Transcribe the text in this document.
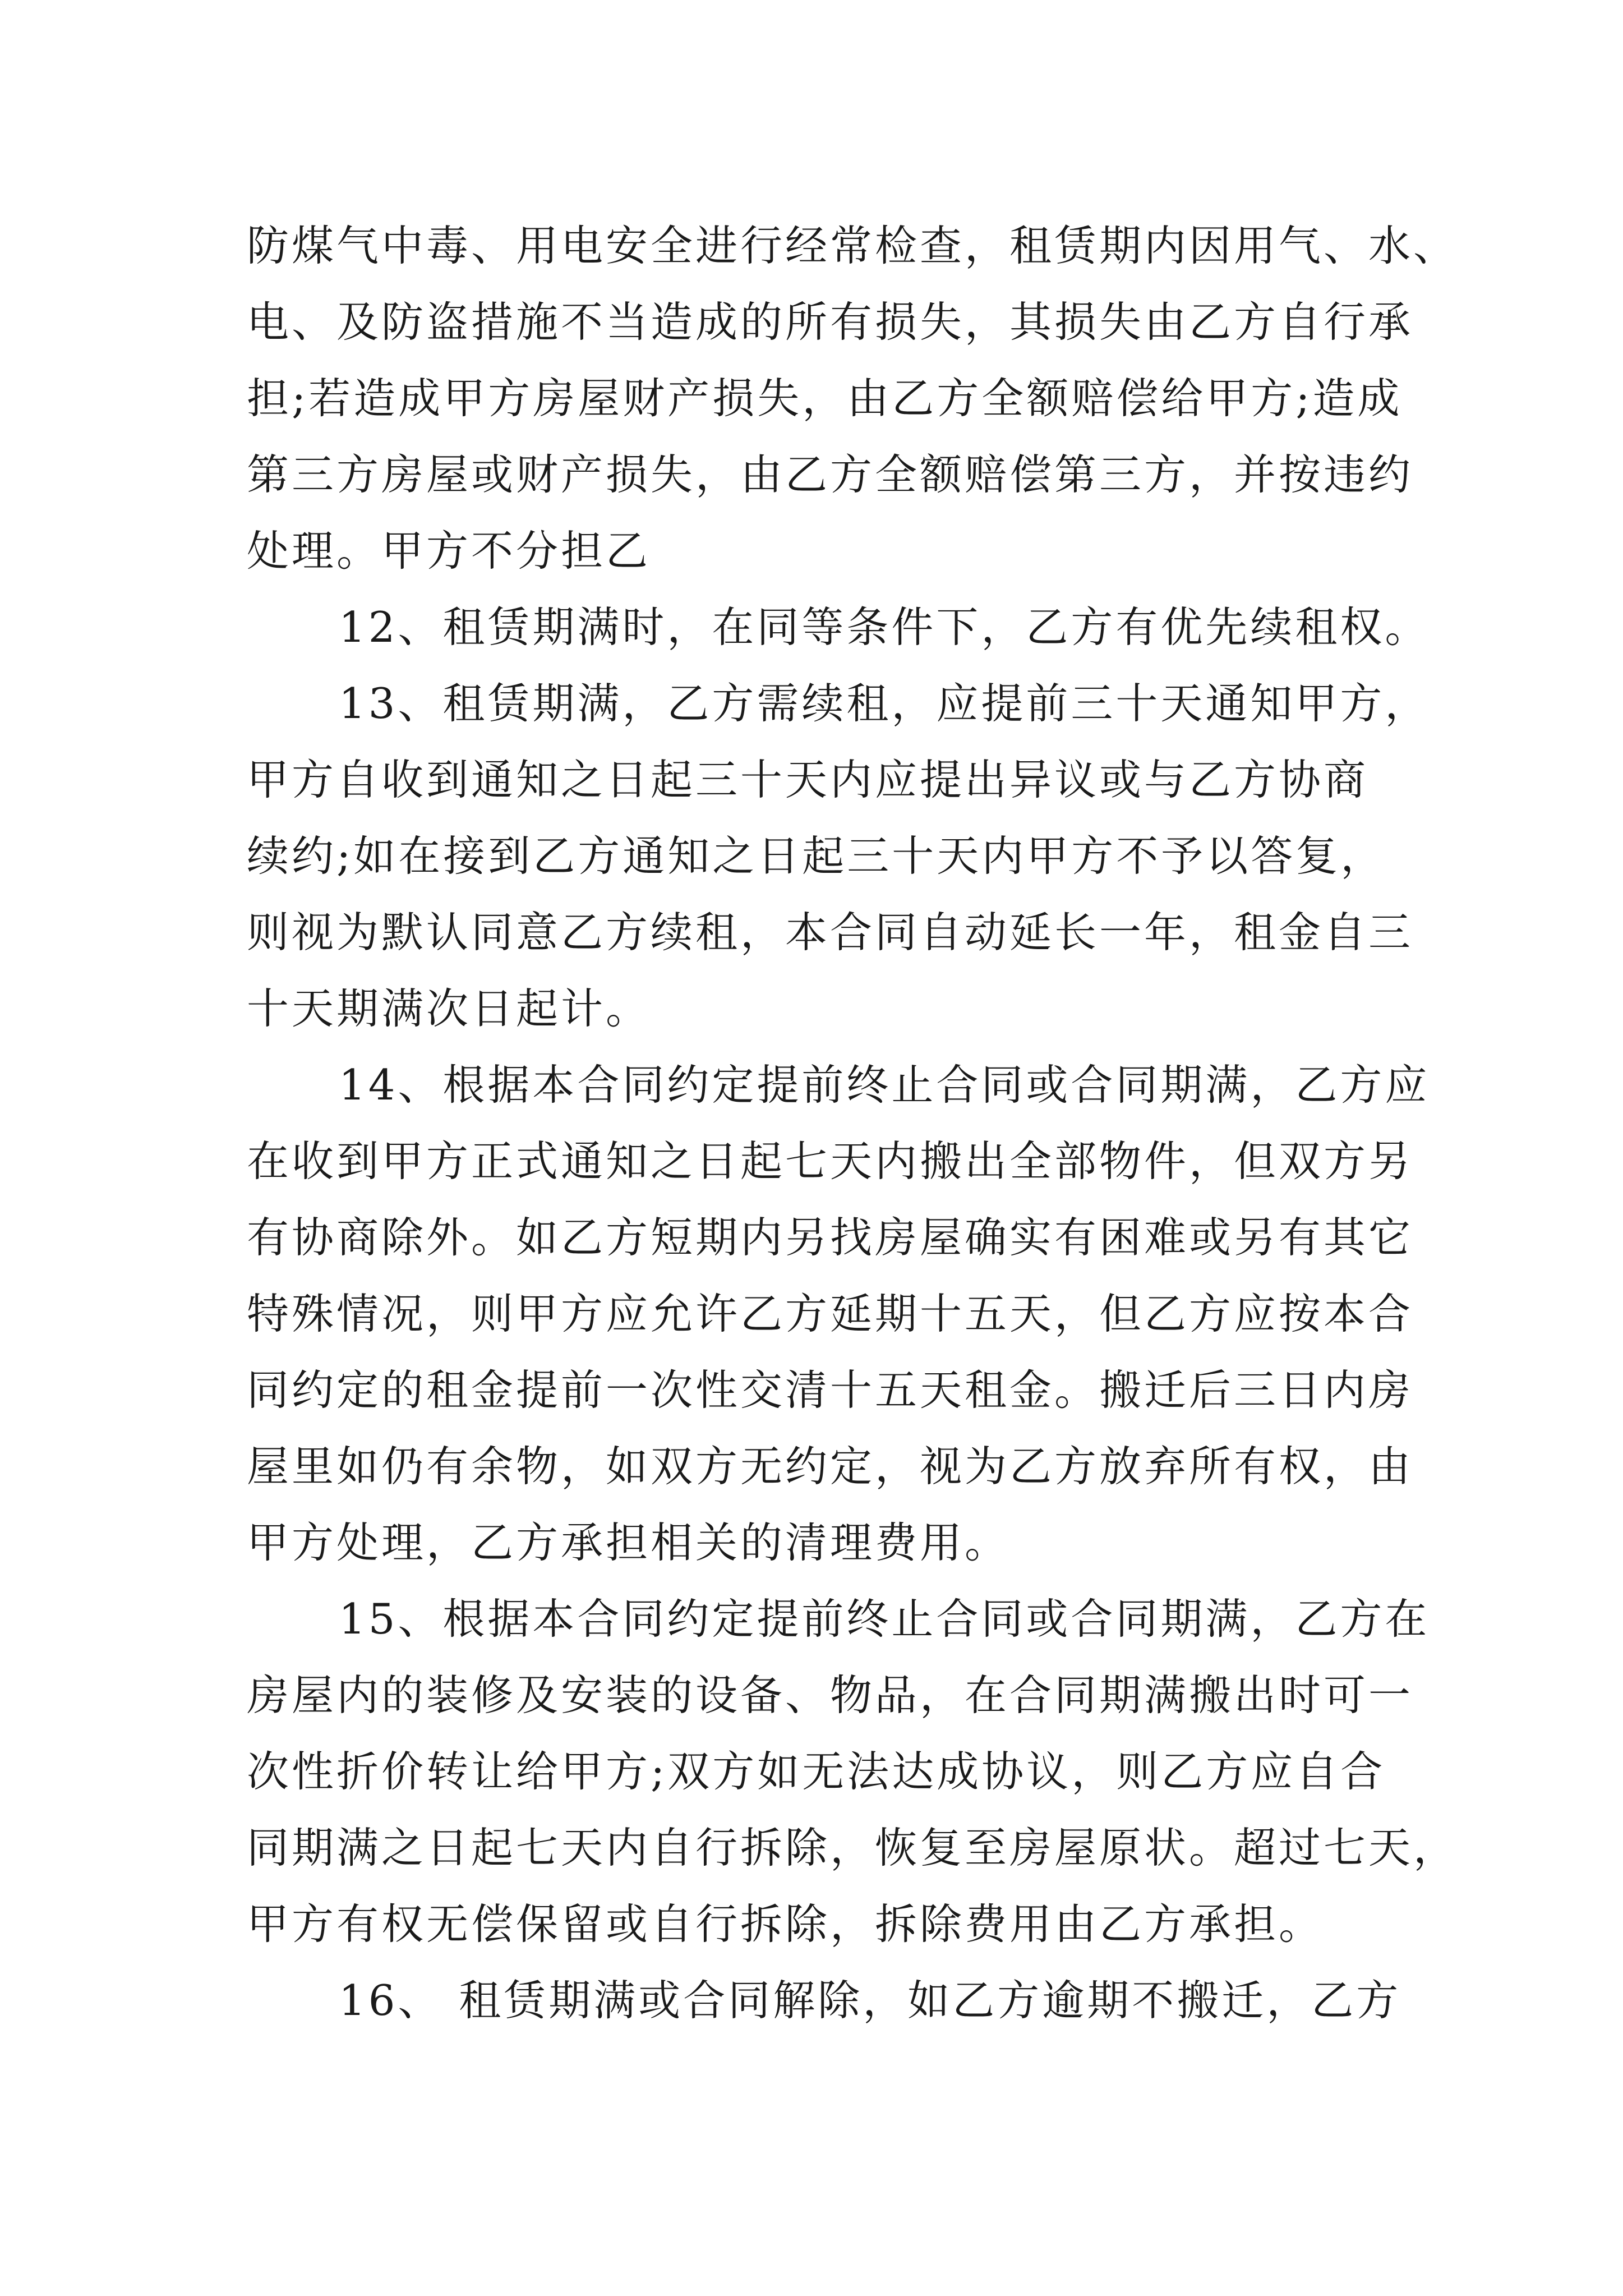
防煤气中毒、用电安全进行经常检查，租赁期内因用气、水、
电、及防盗措施不当造成的所有损失，其损失由乙方自行承
担;若造成甲方房屋财产损失，由乙方全额赔偿给甲方;造成
第三方房屋或财产损失，由乙方全额赔偿第三方，并按违约
处理。甲方不分担乙
12、租赁期满时，在同等条件下，乙方有优先续租权。
13、租赁期满，乙方需续租，应提前三十天通知甲方，
甲方自收到通知之日起三十天内应提出异议或与乙方协商
续约;如在接到乙方通知之日起三十天内甲方不予以答复，
则视为默认同意乙方续租，本合同自动延长一年，租金自三
十天期满次日起计。
14、根据本合同约定提前终止合同或合同期满，乙方应
在收到甲方正式通知之日起七天内搬出全部物件，但双方另
有协商除外。如乙方短期内另找房屋确实有困难或另有其它
特殊情况，则甲方应允许乙方延期十五天，但乙方应按本合
同约定的租金提前一次性交清十五天租金。搬迁后三日内房
屋里如仍有余物，如双方无约定，视为乙方放弃所有权，由
甲方处理，乙方承担相关的清理费用。
15、根据本合同约定提前终止合同或合同期满，乙方在
房屋内的装修及安装的设备、物品，在合同期满搬出时可一
次性折价转让给甲方;双方如无法达成协议，则乙方应自合
同期满之日起七天内自行拆除，恢复至房屋原状。超过七天，
甲方有权无偿保留或自行拆除，拆除费用由乙方承担。
16、 租赁期满或合同解除，如乙方逾期不搬迁，乙方
